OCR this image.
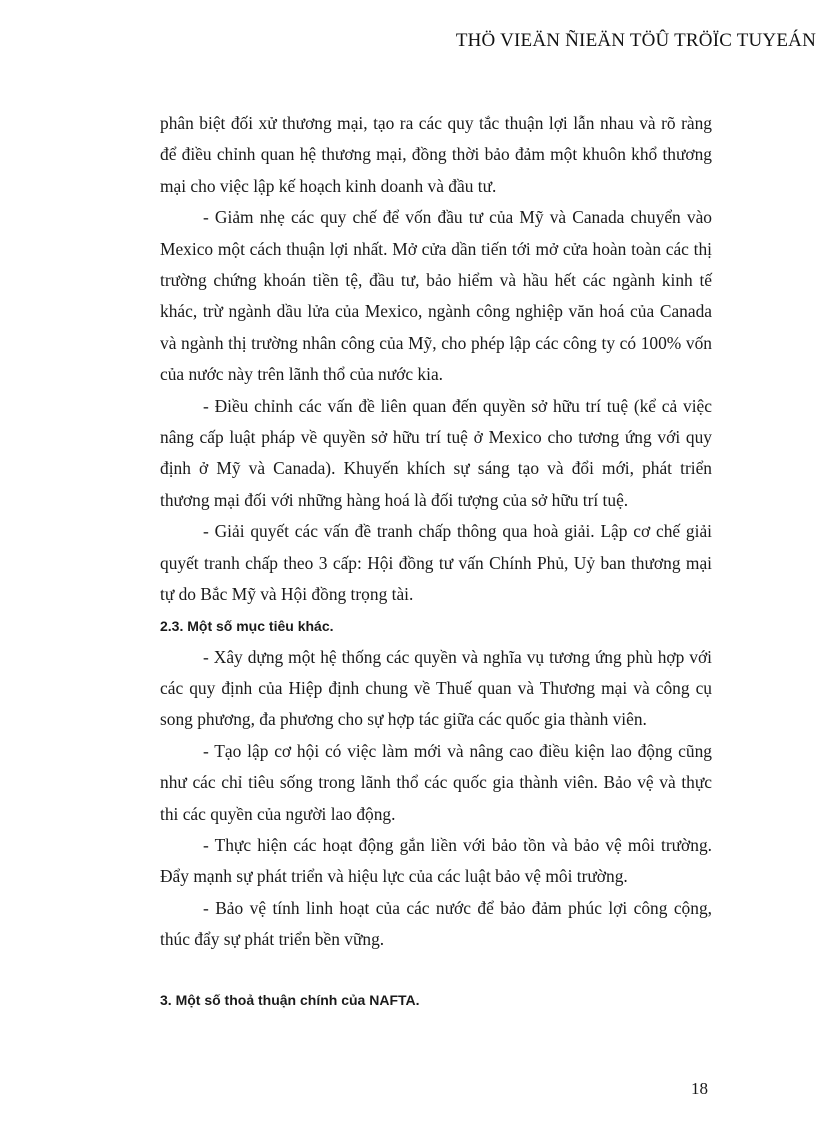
THÖ VIEÄN ÑIEÄN TÖÛ TRÖÏC TUYEÁN

phân biệt đối xử thương mại, tạo ra các quy tắc thuận lợi lẫn nhau và rõ ràng để điều chỉnh quan hệ thương mại, đồng thời bảo đảm một khuôn khổ thương mại cho việc lập kế hoạch kinh doanh và đầu tư.

- Giảm nhẹ các quy chế để vốn đầu tư của Mỹ và Canada chuyển vào Mexico một cách thuận lợi nhất. Mở cửa dần tiến tới mở cửa hoàn toàn các thị trường chứng khoán tiền tệ, đầu tư, bảo hiểm và hầu hết các ngành kinh tế khác, trừ ngành dầu lửa của Mexico, ngành công nghiệp văn hoá của Canada và ngành thị trường nhân công của Mỹ, cho phép lập các công ty có 100% vốn của nước này trên lãnh thổ của nước kia.

- Điều chỉnh các vấn đề liên quan đến quyền sở hữu trí tuệ (kể cả việc nâng cấp luật pháp về quyền sở hữu trí tuệ ở Mexico cho tương ứng với quy định ở Mỹ và Canada). Khuyến khích sự sáng tạo và đổi mới, phát triển thương mại đối với những hàng hoá là đối tượng của sở hữu trí tuệ.

- Giải quyết các vấn đề tranh chấp thông qua hoà giải. Lập cơ chế giải quyết tranh chấp theo 3 cấp: Hội đồng tư vấn Chính Phủ, Uỷ ban thương mại tự do Bắc Mỹ và Hội đồng trọng tài.

2.3. Một số mục tiêu khác.

- Xây dựng một hệ thống các quyền và nghĩa vụ tương ứng phù hợp với các quy định của Hiệp định chung về Thuế quan và Thương mại và công cụ song phương, đa phương cho sự hợp tác giữa các quốc gia thành viên.

- Tạo lập cơ hội có việc làm mới và nâng cao điều kiện lao động cũng như các chỉ tiêu sống trong lãnh thổ các quốc gia thành viên. Bảo vệ và thực thi các quyền của người lao động.

- Thực hiện các hoạt động gắn liền với bảo tồn và bảo vệ môi trường. Đẩy mạnh sự phát triển và hiệu lực của các luật bảo vệ môi trường.

- Bảo vệ tính linh hoạt của các nước để bảo đảm phúc lợi công cộng, thúc đẩy sự phát triển bền vững.

3. Một số thoả thuận chính của NAFTA.
18
